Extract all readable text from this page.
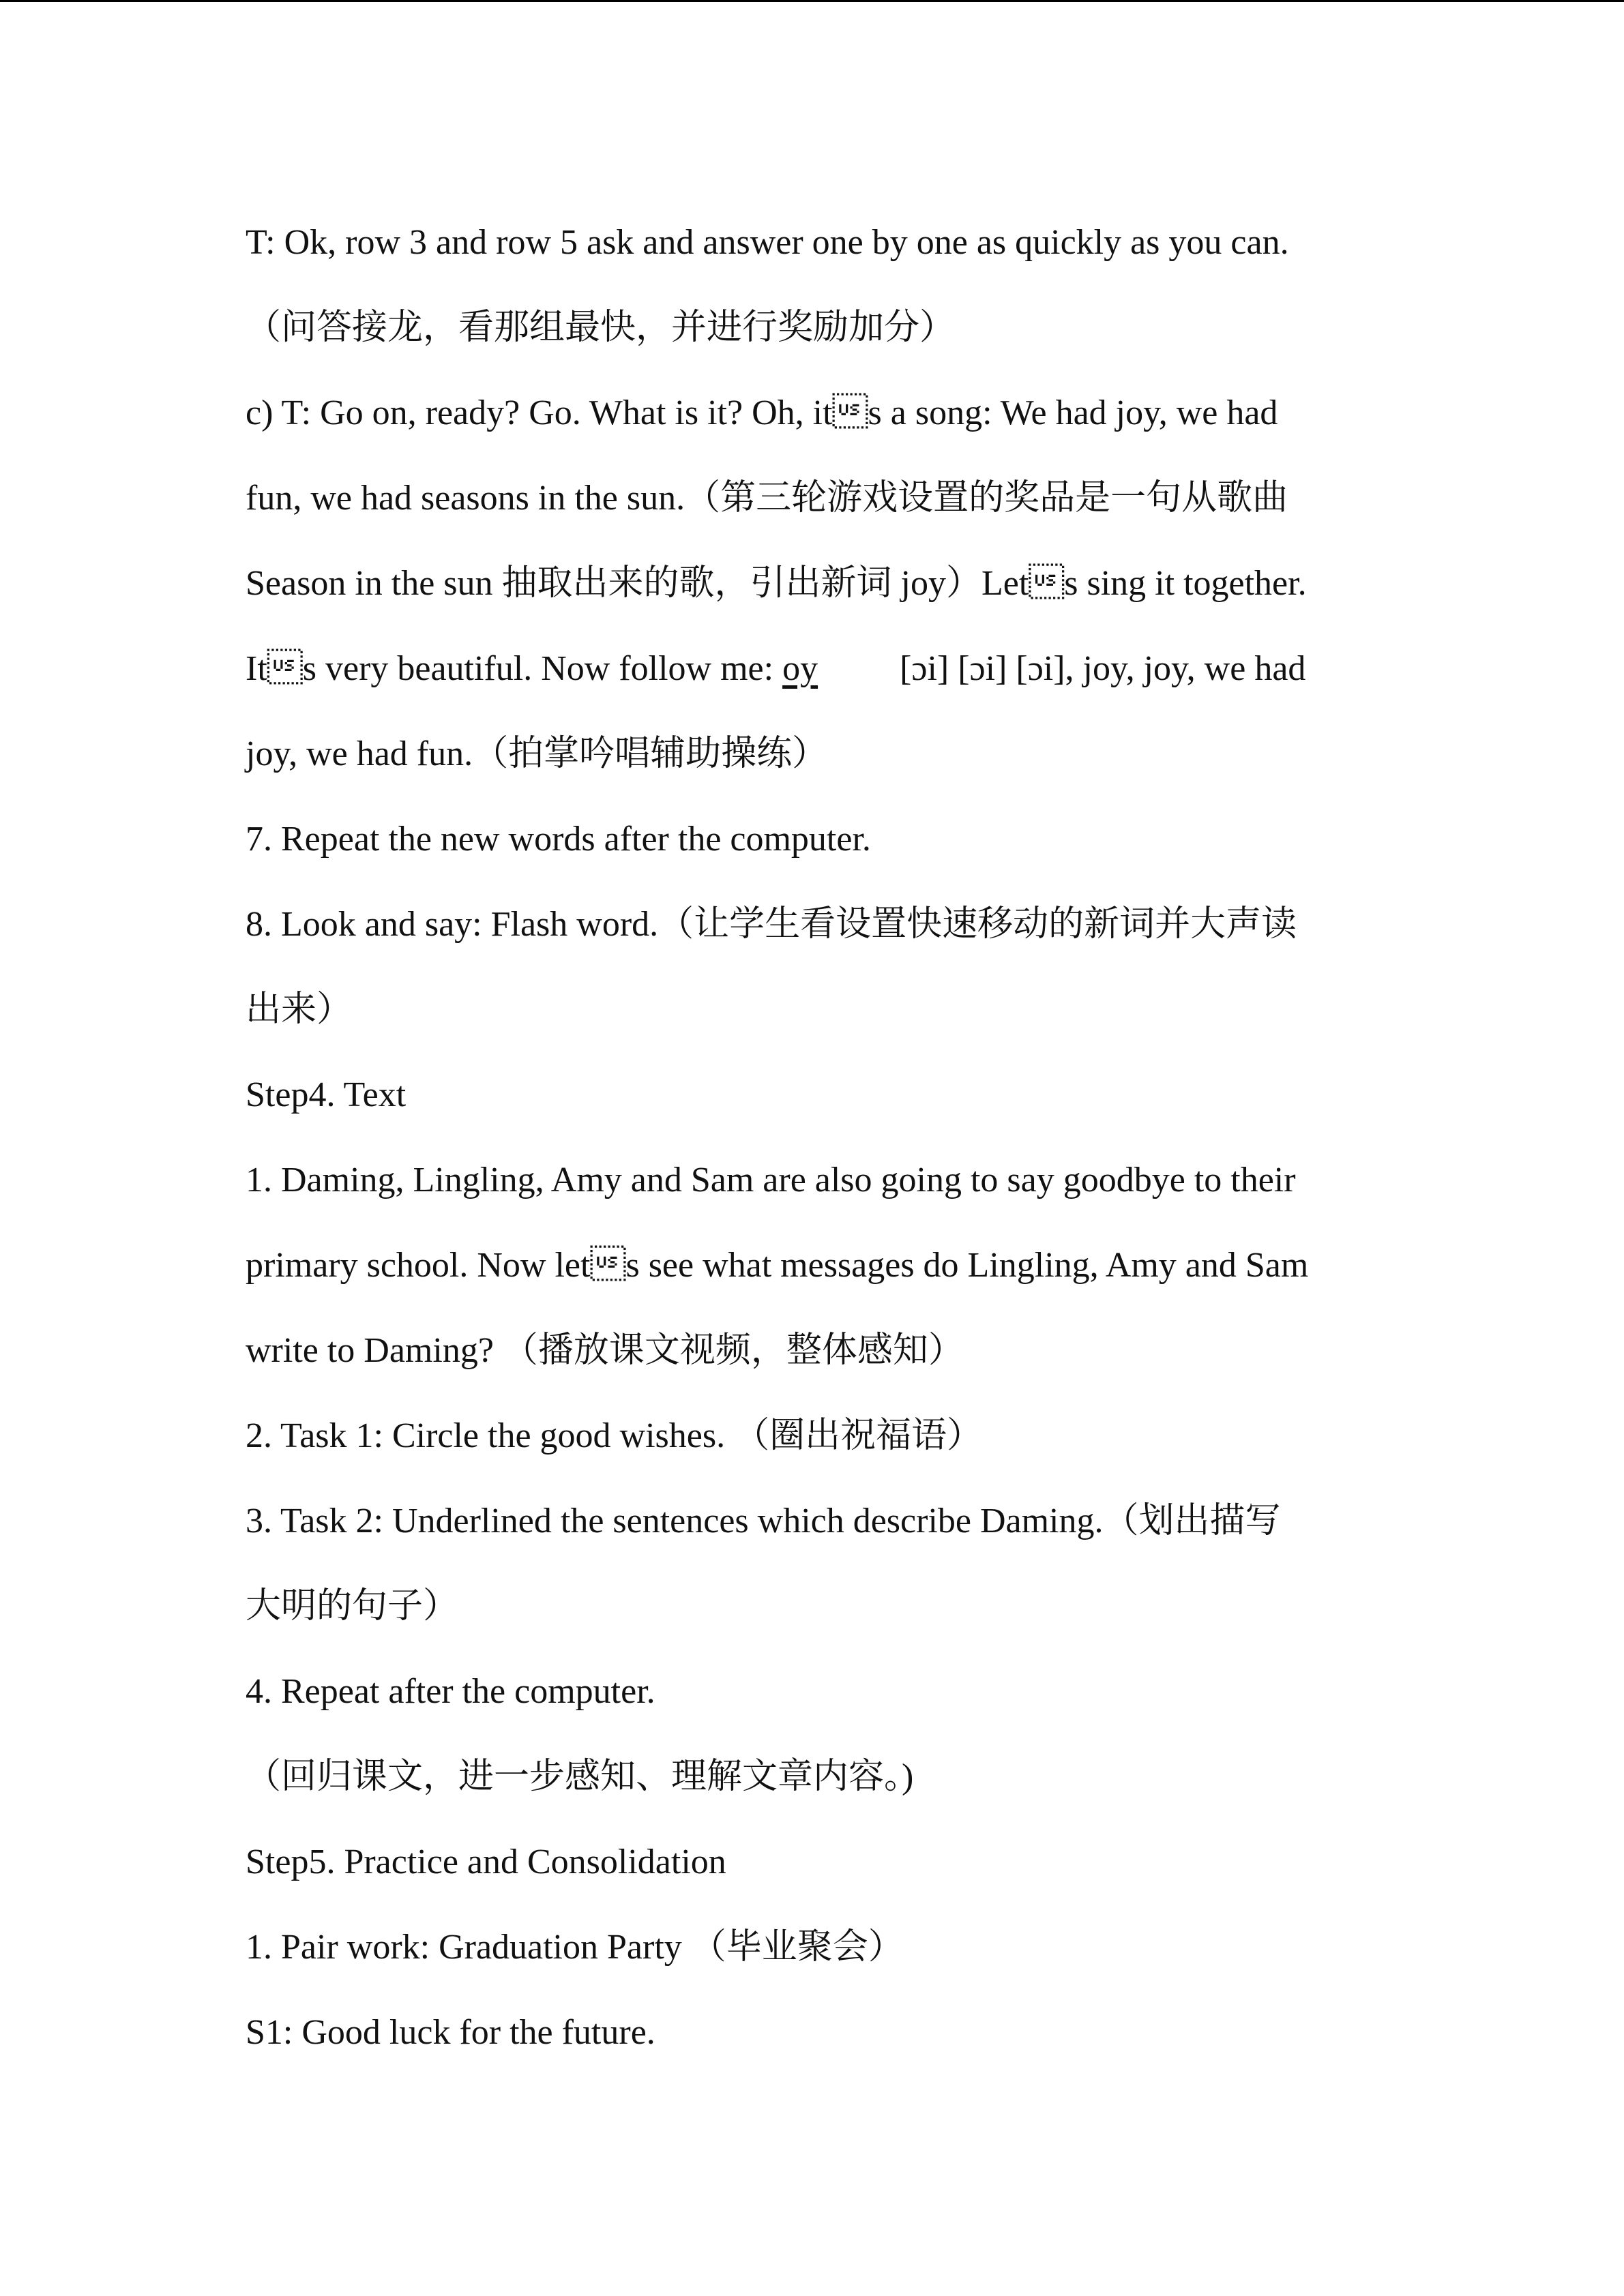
T: Ok, row 3 and row 5 ask and answer one by one as quickly as you can.
（问答接龙，看那组最快，并进行奖励加分）
c) T: Go on, ready? Go. What is it? Oh, its a song: We had joy, we had
fun, we had seasons in the sun.（第三轮游戏设置的奖品是一句从歌曲
Season in the sun 抽取出来的歌，引出新词 joy）Lets sing it together.
Its very beautiful. Now follow me: oy [ɔi] [ɔi] [ɔi], joy, joy, we had
joy, we had fun.（拍掌吟唱辅助操练）
7. Repeat the new words after the computer.
8. Look and say: Flash word.（让学生看设置快速移动的新词并大声读
出来）
Step4. Text
1. Daming, Lingling, Amy and Sam are also going to say goodbye to their
primary school. Now lets see what messages do Lingling, Amy and Sam
write to Daming? （播放课文视频，整体感知）
2. Task 1: Circle the good wishes. （圈出祝福语）
3. Task 2: Underlined the sentences which describe Daming.（划出描写
大明的句子）
4. Repeat after the computer.
（回归课文，进一步感知、理解文章内容。)
Step5. Practice and Consolidation
1. Pair work: Graduation Party （毕业聚会）
S1: Good luck for the future.
